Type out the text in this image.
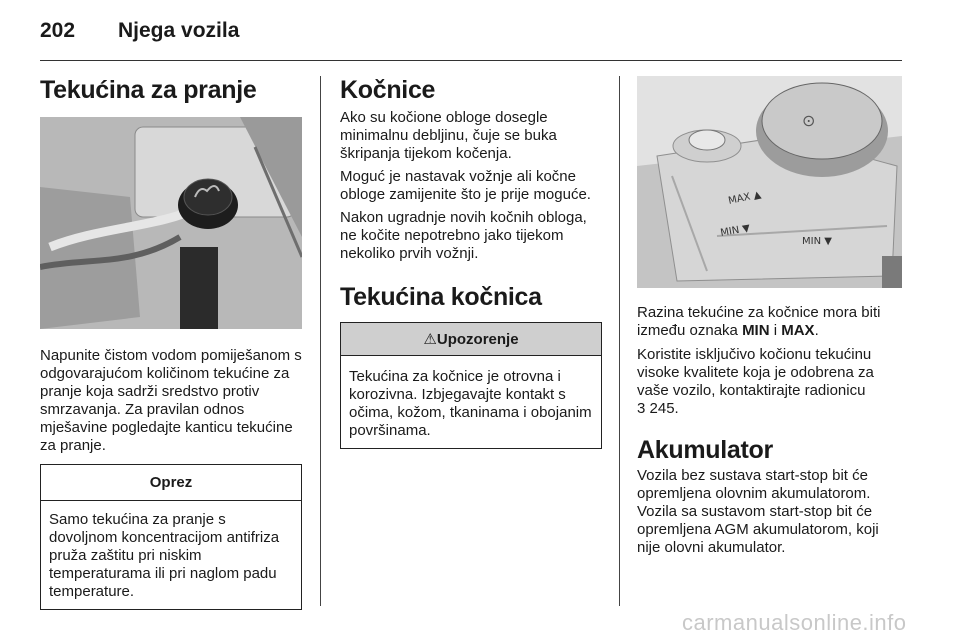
202 Njega vozila
Tekućina za pranje

Napunite čistom vodom pomiješanom s odgovarajućom količinom tekućine za pranje koja sadrži sredstvo protiv smrzavanja. Za pravilan odnos mješavine pogledajte kanticu tekućine za pranje.

Oprez
Samo tekućina za pranje s dovoljnom koncentracijom antifriza pruža zaštitu pri niskim temperaturama ili pri naglom padu temperature.
Kočnice

Ako su kočione obloge dosegle minimalnu debljinu, čuje se buka škripanja tijekom kočenja.

Moguć je nastavak vožnje ali kočne obloge zamijenite što je prije moguće.

Nakon ugradnje novih kočnih obloga, ne kočite nepotrebno jako tijekom nekoliko prvih vožnji.

Tekućina kočnica
⚠Upozorenje
Tekućina za kočnice je otrovna i korozivna. Izbjegavajte kontakt s očima, kožom, tkaninama i obojanim površinama.
⊙
MAX ▲
MIN ▼
MIN ▼

Razina tekućine za kočnice mora biti između oznaka MIN i MAX.

Koristite isključivo kočionu tekućinu visoke kvalitete koja je odobrena za vaše vozilo, kontaktirajte radionicu
3 245.

Akumulator

Vozila bez sustava start-stop bit će opremljena olovnim akumulatorom. Vozila sa sustavom start-stop bit će opremljena AGM akumulatorom, koji nije olovni akumulator.

carmanualsonline.info
